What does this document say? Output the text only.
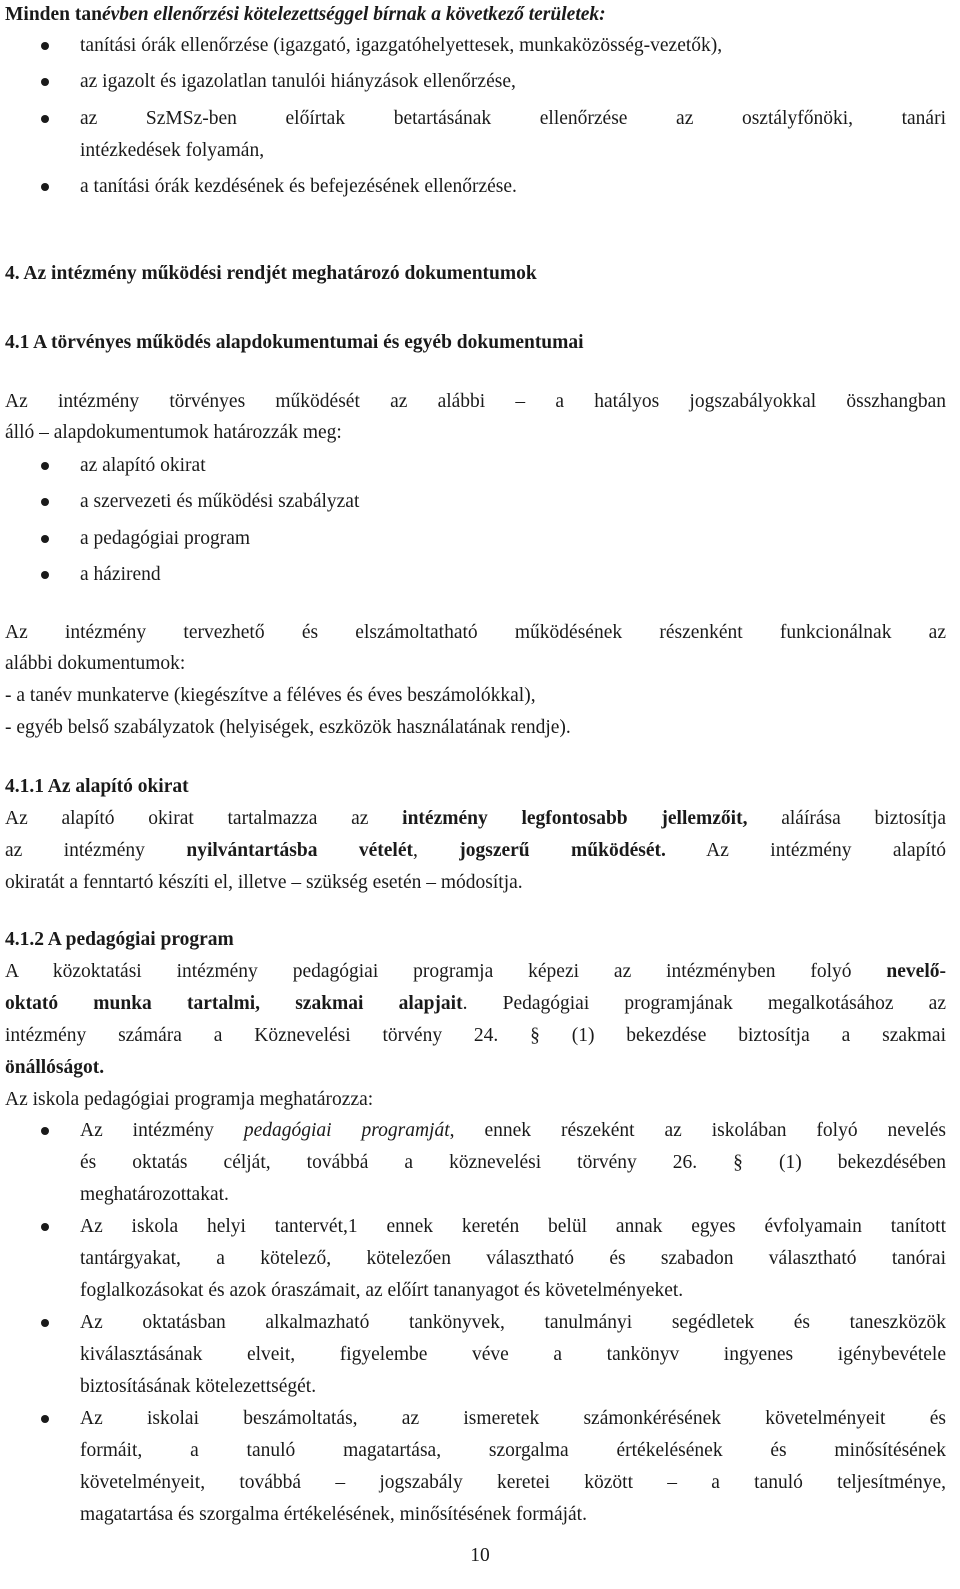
Minden tanévben ellenőrzési kötelezettséggel bírnak a következő területek:
tanítási órák ellenőrzése (igazgató, igazgatóhelyettesek, munkaközösség-vezetők),
az igazolt és igazolatlan tanulói hiányzások ellenőrzése,
az SzMSz-ben előírtak betartásának ellenőrzése az osztályfőnöki, tanári
intézkedések folyamán,
a tanítási órák kezdésének és befejezésének ellenőrzése.
4. Az intézmény működési rendjét meghatározó dokumentumok
4.1 A törvényes működés alapdokumentumai és egyéb dokumentumai
Az intézmény törvényes működését az alábbi – a hatályos jogszabályokkal összhangban
álló – alapdokumentumok határozzák meg:
az alapító okirat
a szervezeti és működési szabályzat
a pedagógiai program
a házirend
Az intézmény tervezhető és elszámoltatható működésének részenként funkcionálnak az
alábbi dokumentumok:
- a tanév munkaterve (kiegészítve a féléves és éves beszámolókkal),
- egyéb belső szabályzatok (helyiségek, eszközök használatának rendje).
4.1.1 Az alapító okirat
Az alapító okirat tartalmazza az intézmény legfontosabb jellemzőit, aláírása biztosítja
az intézmény nyilvántartásba vételét, jogszerű működését. Az intézmény alapító
okiratát a fenntartó készíti el, illetve – szükség esetén – módosítja.
4.1.2 A pedagógiai program
A közoktatási intézmény pedagógiai programja képezi az intézményben folyó nevelő-
oktató munka tartalmi, szakmai alapjait. Pedagógiai programjának megalkotásához az
intézmény számára a Köznevelési törvény 24. § (1) bekezdése biztosítja a szakmai
önállóságot.
Az iskola pedagógiai programja meghatározza:
Az intézmény pedagógiai programját, ennek részeként az iskolában folyó nevelés
és oktatás célját, továbbá a köznevelési törvény 26. § (1) bekezdésében
meghatározottakat.
Az iskola helyi tantervét,1 ennek keretén belül annak egyes évfolyamain tanított
tantárgyakat, a kötelező, kötelezően választható és szabadon választható tanórai
foglalkozásokat és azok óraszámait, az előírt tananyagot és követelményeket.
Az oktatásban alkalmazható tankönyvek, tanulmányi segédletek és taneszközök
kiválasztásának elveit, figyelembe véve a tankönyv ingyenes igénybevétele
biztosításának kötelezettségét.
Az iskolai beszámoltatás, az ismeretek számonkérésének követelményeit és
formáit, a tanuló magatartása, szorgalma értékelésének és minősítésének
követelményeit, továbbá – jogszabály keretei között – a tanuló teljesítménye,
magatartása és szorgalma értékelésének, minősítésének formáját.
10
